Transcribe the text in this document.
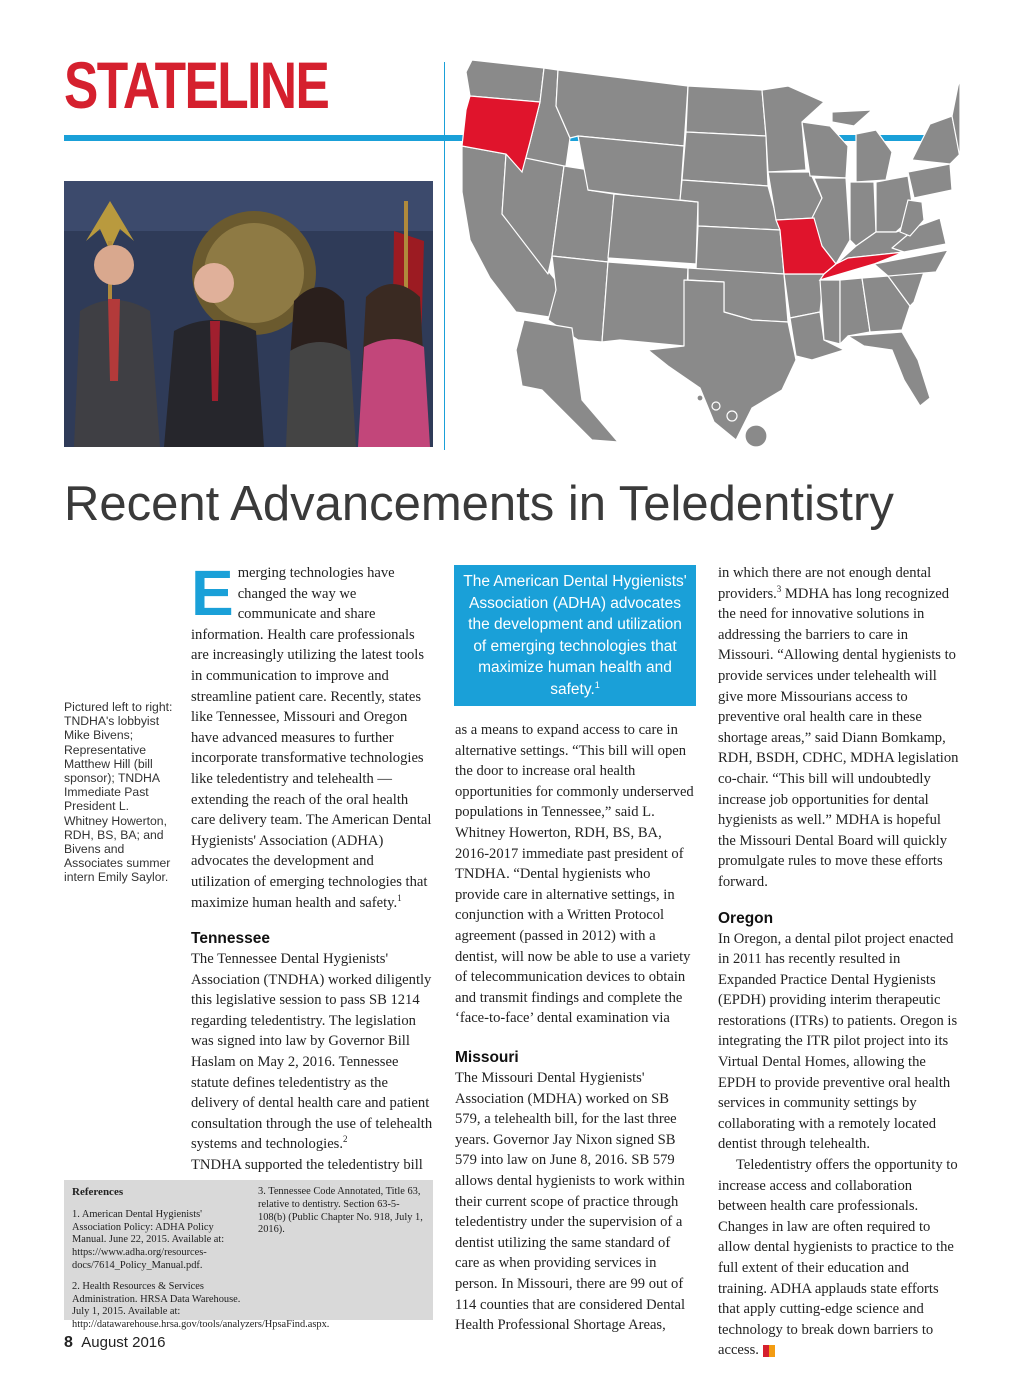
STATELINE
Recent Advancements in Teledentistry

Pictured left to right: TNDHA's lobbyist Mike Bivens; Representative Matthew Hill (bill sponsor); TNDHA Immediate Past President L. Whitney Howerton, RDH, BS, BA; and Bivens and Associates summer intern Emily Saylor.

Emerging technologies have changed the way we communicate and share information. Health care professionals are increasingly utilizing the latest tools in communication to improve and streamline patient care. Recently, states like Tennessee, Missouri and Oregon have advanced measures to further incorporate transformative technologies like teledentistry and telehealth — extending the reach of the oral health care delivery team. The American Dental Hygienists' Association (ADHA) advocates the development and utilization of emerging technologies that maximize human health and safety.$^1$

Tennessee

The Tennessee Dental Hygienists' Association (TNDHA) worked diligently this legislative session to pass SB 1214 regarding teledentistry. The legislation was signed into law by Governor Bill Haslam on May 2, 2016. Tennessee statute defines teledentistry as the delivery of dental health care and patient consultation through the use of telehealth systems and technologies.$^2$

TNDHA supported the teledentistry bill

The American Dental Hygienists' Association (ADHA) advocates the development and utilization of emerging technologies that maximize human health and safety.$^1$

as a means to expand access to care in alternative settings. “This bill will open the door to increase oral health opportunities for commonly underserved populations in Tennessee,” said L. Whitney Howerton, RDH, BS, BA, 2016-2017 immediate past president of TNDHA. “Dental hygienists who provide care in alternative settings, in conjunction with a Written Protocol agreement (passed in 2012) with a dentist, will now be able to use a variety of telecommunication devices to obtain and transmit findings and complete the ‘face-to-face’ dental examination via

Missouri

The Missouri Dental Hygienists' Association (MDHA) worked on SB 579, a telehealth bill, for the last three years. Governor Jay Nixon signed SB 579 into law on June 8, 2016. SB 579 allows dental hygienists to work within their current scope of practice through teledentistry under the supervision of a dentist utilizing the same standard of care as when providing services in person. In Missouri, there are 99 out of 114 counties that are considered Dental Health Professional Shortage Areas,

in which there are not enough dental providers.$^3$ MDHA has long recognized the need for innovative solutions in addressing the barriers to care in Missouri. “Allowing dental hygienists to provide services under telehealth will give more Missourians access to preventive oral health care in these shortage areas,” said Diann Bomkamp, RDH, BSDH, CDHC, MDHA legislation co-chair. “This bill will undoubtedly increase job opportunities for dental hygienists as well.” MDHA is hopeful the Missouri Dental Board will quickly promulgate rules to move these efforts forward.

Oregon

In Oregon, a dental pilot project enacted in 2011 has recently resulted in Expanded Practice Dental Hygienists (EPDH) providing interim therapeutic restorations (ITRs) to patients. Oregon is integrating the ITR pilot project into its Virtual Dental Homes, allowing the EPDH to provide preventive oral health services in community settings by collaborating with a remotely located dentist through telehealth.

Teledentistry offers the opportunity to increase access and collaboration between health care professionals. Changes in law are often required to allow dental hygienists to practice to the full extent of their education and training. ADHA applauds state efforts that apply cutting-edge science and technology to break down barriers to access.

References

1. American Dental Hygienists' Association Policy: ADHA Policy Manual. June 22, 2015. Available at: https://www.adha.org/resources-docs/7614_Policy_Manual.pdf.

2. Health Resources & Services Administration. HRSA Data Warehouse. July 1, 2015. Available at: http://datawarehouse.hrsa.gov/tools/analyzers/HpsaFind.aspx.

3. Tennessee Code Annotated, Title 63, relative to dentistry. Section 63-5-108(b) (Public Chapter No. 918, July 1, 2016).

8 August 2016
